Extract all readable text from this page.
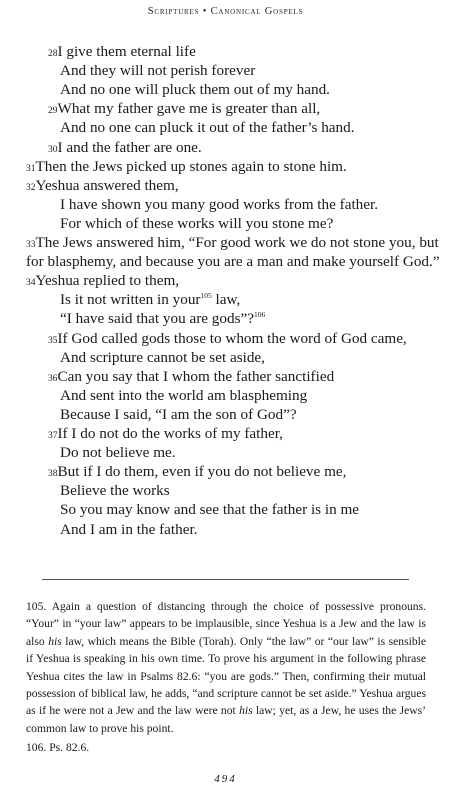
Scriptures • Canonical Gospels
28I give them eternal life
And they will not perish forever
And no one will pluck them out of my hand.
29What my father gave me is greater than all,
And no one can pluck it out of the father’s hand.
30I and the father are one.
31Then the Jews picked up stones again to stone him.
32Yeshua answered them,
I have shown you many good works from the father.
For which of these works will you stone me?
33The Jews answered him, “For good work we do not stone you, but
for blasphemy, and because you are a man and make yourself God.”
34Yeshua replied to them,
Is it not written in your$^{105}$ law,
“I have said that you are gods”?$^{106}$
35If God called gods those to whom the word of God came,
And scripture cannot be set aside,
36Can you say that I whom the father sanctified
And sent into the world am blaspheming
Because I said, “I am the son of God”?
37If I do not do the works of my father,
Do not believe me.
38But if I do them, even if you do not believe me,
Believe the works
So you may know and see that the father is in me
And I am in the father.
105. Again a question of distancing through the choice of possessive pronouns. “Your” in “your law” appears to be implausible, since Yeshua is a Jew and the law is also his law, which means the Bible (Torah). Only “the law” or “our law” is sensible if Yeshua is speaking in his own time. To prove his argument in the following phrase Yeshua cites the law in Psalms 82.6: “you are gods.” Then, confirming their mutual possession of biblical law, he adds, “and scripture cannot be set aside.” Yeshua argues as if he were not a Jew and the law were not his law; yet, as a Jew, he uses the Jews’ common law to prove his point.
106. Ps. 82.6.
494
